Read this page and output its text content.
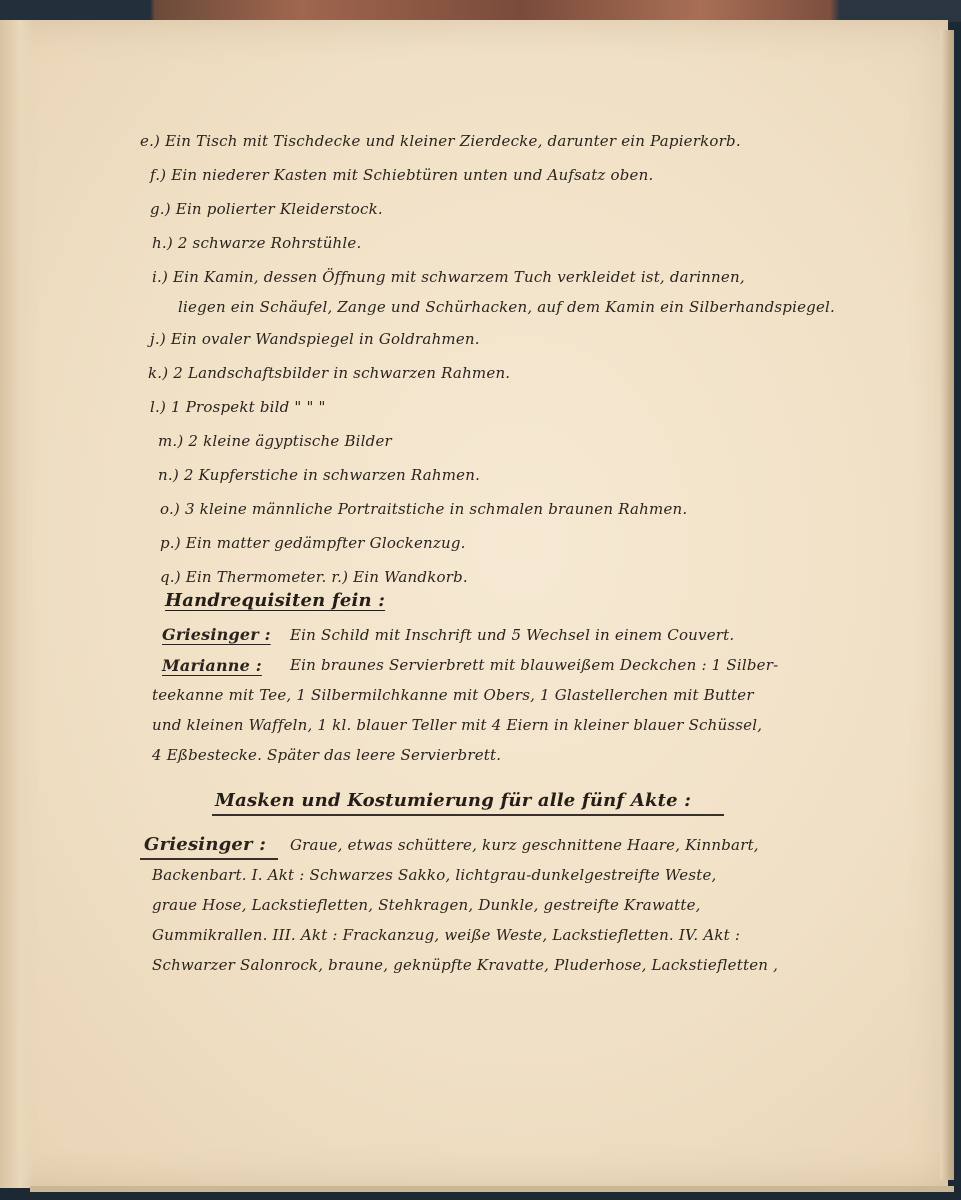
e.) Ein Tisch mit Tischdecke und kleiner Zierdecke, darunter ein Papierkorb.
f.) Ein niederer Kasten mit Schiebtüren unten und Aufsatz oben.
g.) Ein polierter Kleiderstock.
h.) 2 schwarze Rohrstühle.
i.) Ein Kamin, dessen Öffnung mit schwarzem Tuch verkleidet ist, darinnen,
liegen ein Schäufel, Zange und Schürhacken, auf dem Kamin ein Silberhandspiegel.
j.) Ein ovaler Wandspiegel in Goldrahmen.
k.) 2 Landschaftsbilder in schwarzen Rahmen.
l.) 1 Prospekt bild " " "
m.) 2 kleine ägyptische Bilder
n.) 2 Kupferstiche in schwarzen Rahmen.
o.) 3 kleine männliche Portraitstiche in schmalen braunen Rahmen.
p.) Ein matter gedämpfter Glockenzug.
q.) Ein Thermometer. r.) Ein Wandkorb.
Handrequisiten fein :
Griesinger : Ein Schild mit Inschrift und 5 Wechsel in einem Couvert.
Marianne : Ein braunes Servierbrett mit blauweißem Deckchen : 1 Silber-
teekanne mit Tee, 1 Silbermilchkanne mit Obers, 1 Glastellerchen mit Butter
und kleinen Waffeln, 1 kl. blauer Teller mit 4 Eiern in kleiner blauer Schüssel,
4 Eßbestecke. Später das leere Servierbrett.
Masken und Kostumierung für alle fünf Akte :
Griesinger : Graue, etwas schüttere, kurz geschnittene Haare, Kinnbart,
Backenbart. I. Akt : Schwarzes Sakko, lichtgrau-dunkelgestreifte Weste,
graue Hose, Lackstiefletten, Stehkragen, Dunkle, gestreifte Krawatte,
Gummikrallen. III. Akt : Frackanzug, weiße Weste, Lackstiefletten. IV. Akt :
Schwarzer Salonrock, braune, geknüpfte Kravatte, Pluderhose, Lackstiefletten ,
